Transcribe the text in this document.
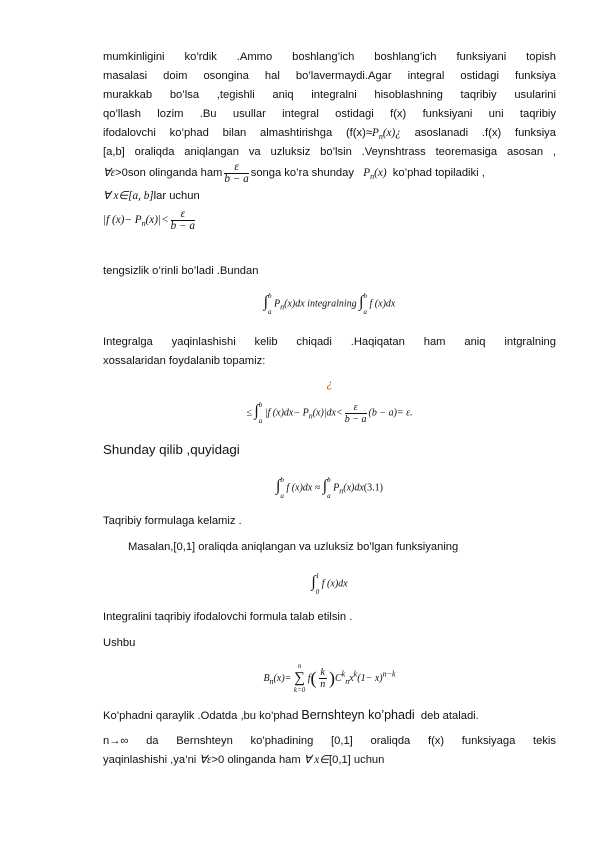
mumkinligini ko’rdik .Ammo boshlang’ich boshlang’ich funksiyani topish
masalasi doim osongina hal bo’lavermaydi.Agar integral ostidagi funksiya
murakkab bo’lsa ,tegishli aniq integralni hisoblashning taqribiy usularini
qo’llash lozim .Bu usullar integral ostidagi f(x) funksiyani uni taqribiy
ifodalovchi ko’phad bilan almashtirishga ($f(x)\approx P_n(x)¿$ asoslanadi .f(x) funksiya
[a,b] oraliqda aniqlangan va uzluksiz bo’lsin .Veynshtrass teoremasiga asosan ,
∀ε>0son olinganda ham $\frac{\varepsilon}{b - a}$ songa ko’ra shunday $P_n(x)$ ko’phad topiladiki ,
∀ x∈[a, b]lar uchun
|f $(x)- P_n(x)|< \frac{\varepsilon}{b - a}$
tengsizlik o’rinli bo’ladi .Bundan
∫ b
a
$P_n(x)dx$ integralning ∫ b
a
f (x)dx
Integralga yaqinlashishi kelib chiqadi .Haqiqatan ham aniq intgralning
xossalaridan foydalanib topamiz:
¿
≤ ∫ b
a
|f $(x)dx- P_n(x)|dx< \frac{\varepsilon}{b - a} (b - a)= \varepsilon$.
Shunday qilib ,quyidagi
∫ b
a
f (x)dx ≈ ∫ b
a
$P_n(x)dx(3.1)$
Taqribiy formulaga kelamiz .
Masalan,[0,1] oraliqda aniqlangan va uzluksiz bo’lgan funksiyaning
∫ 1
0
f (x)dx
Integralini taqribiy ifodalovchi formula talab etilsin .
Ushbu
$B_n(x)=$
n
∑
k=0
$f( \frac{k}{n} )C^k_nx^k(1- x)^{n-k}$
Ko’phadni qaraylik .Odatda ,bu ko’phad Bernshteyn ko’phadi deb ataladi.
n→∞ da Bernshteyn ko’phadining [0,1] oraliqda f(x) funksiyaga tekis
yaqinlashishi ,ya’ni ∀ε>0 olinganda ham ∀ x∈[0,1] uchun
